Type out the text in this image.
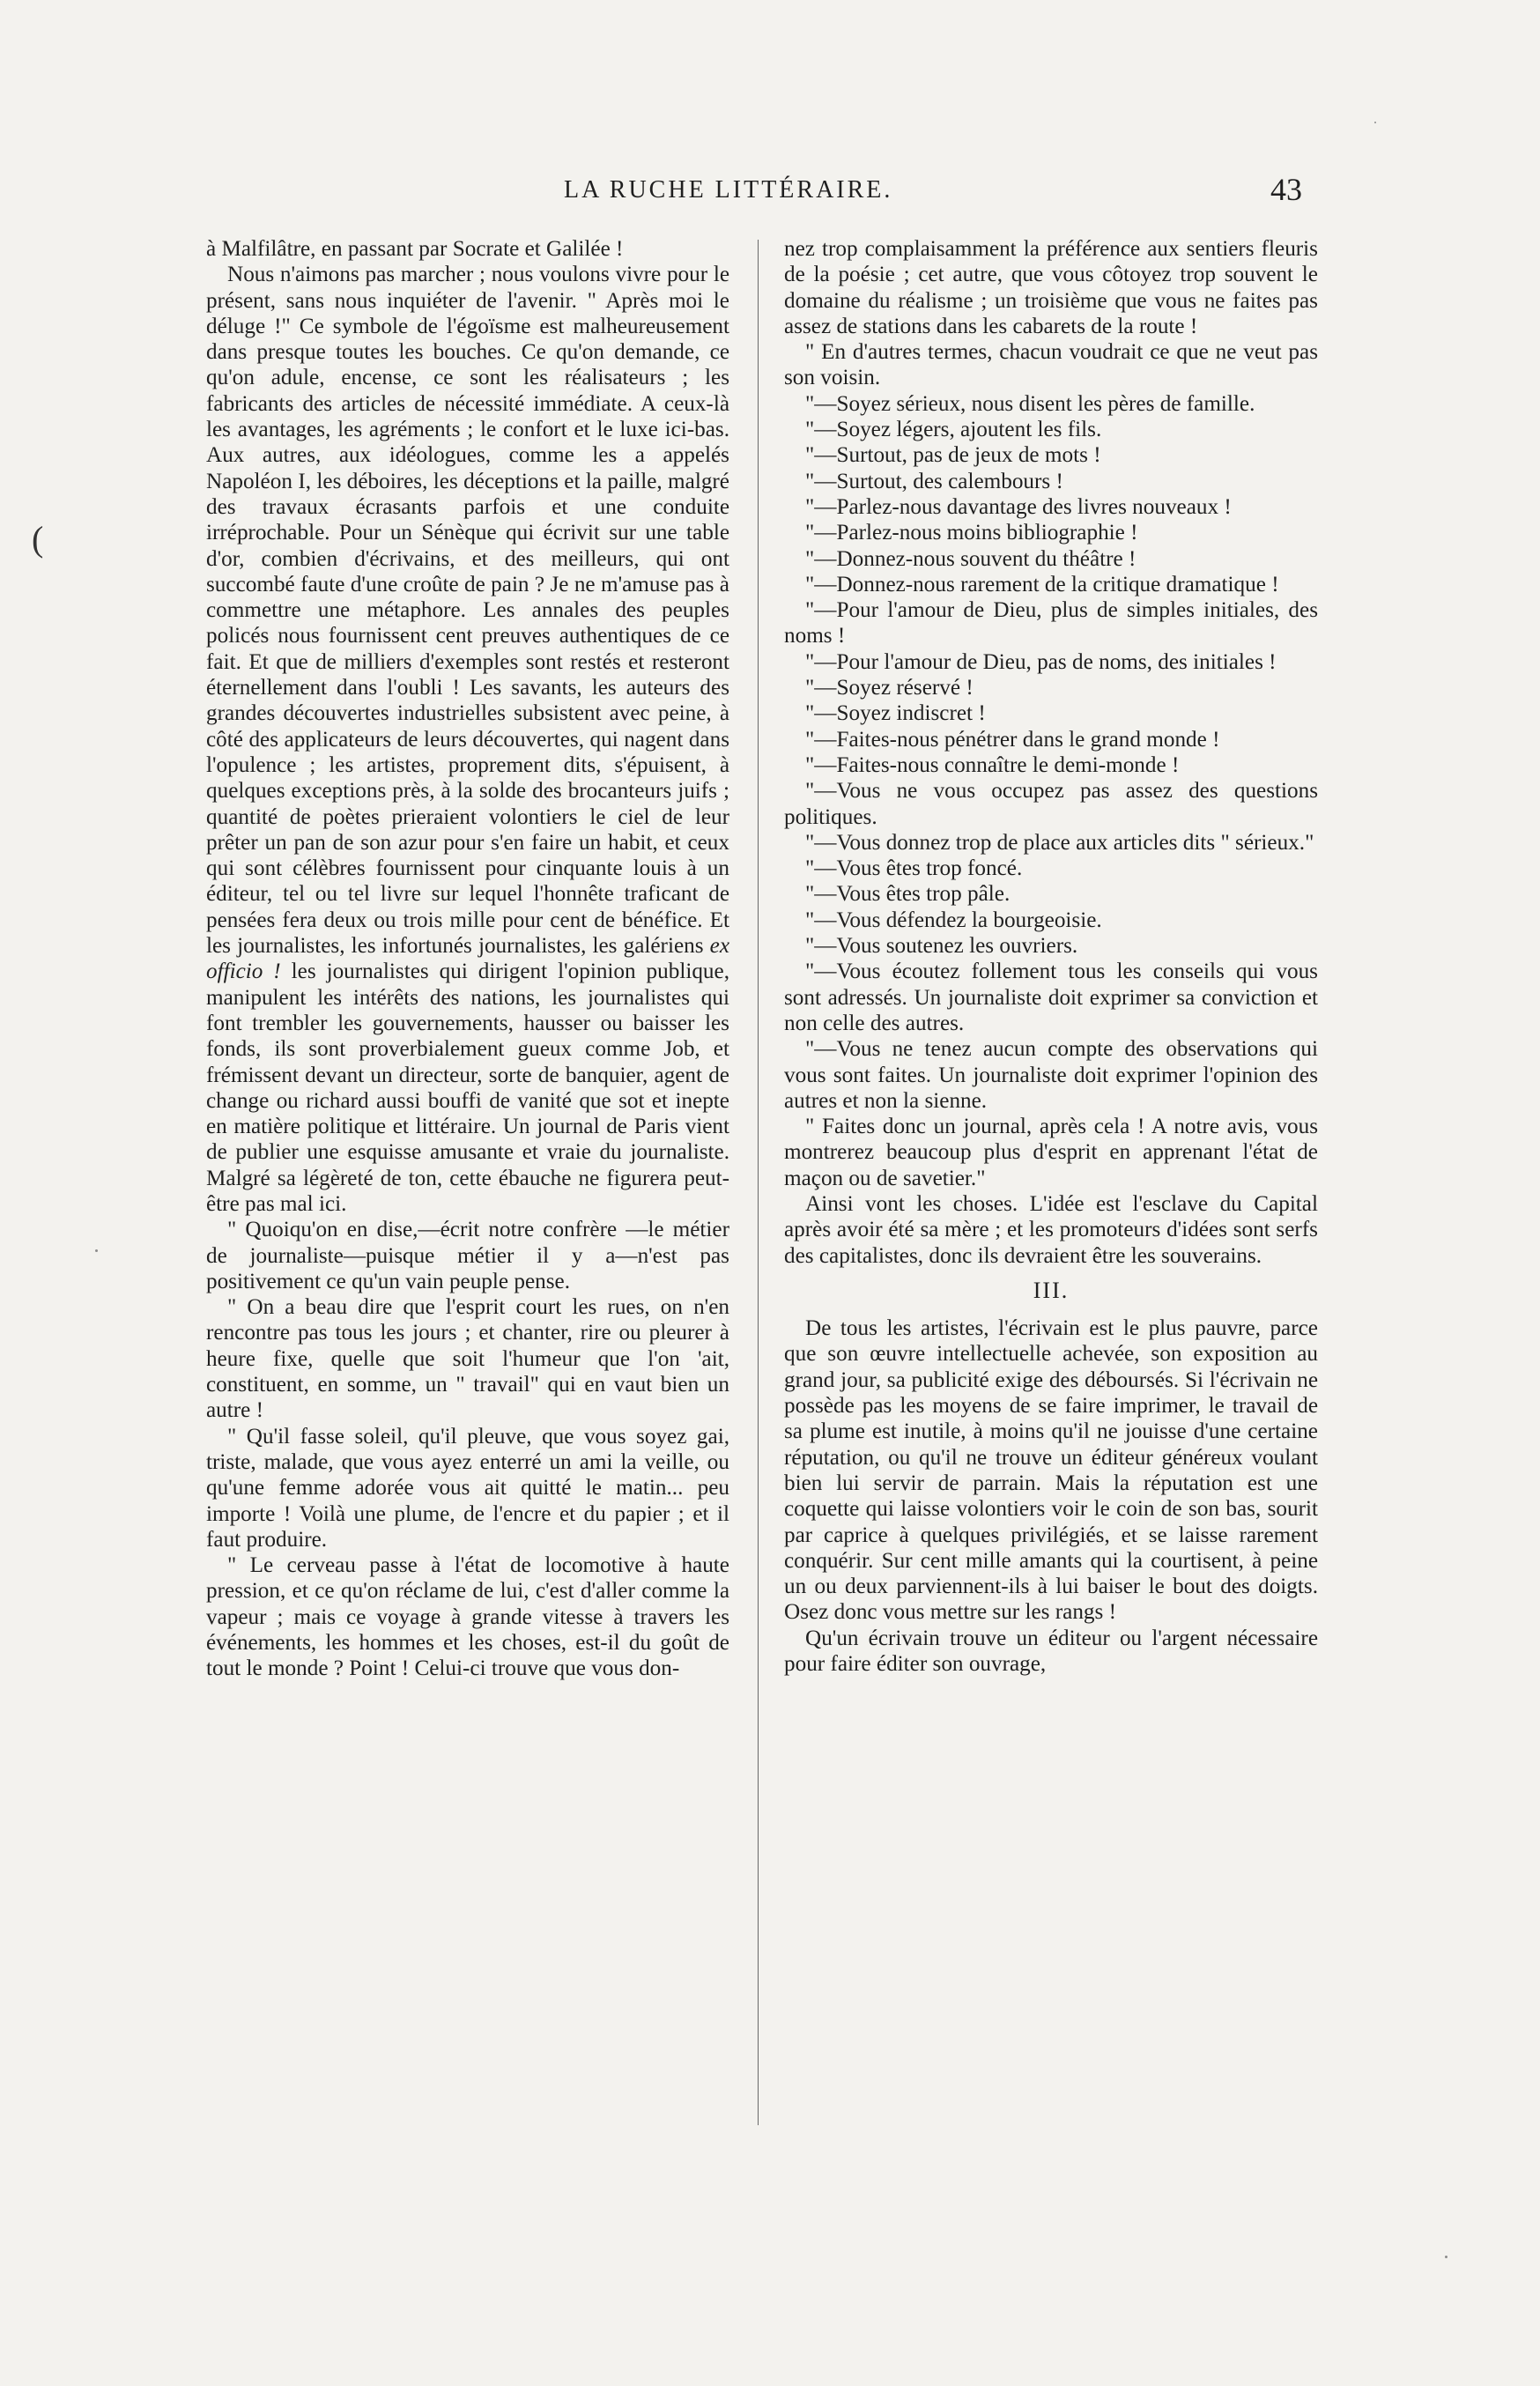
LA RUCHE LITTÉRAIRE.	43
(

à Malfilâtre, en passant par Socrate et Galilée !

Nous n'aimons pas marcher ; nous voulons vivre pour le présent, sans nous inquiéter de l'avenir. " Après moi le déluge !" Ce symbole de l'égoïsme est malheureusement dans presque toutes les bouches. Ce qu'on demande, ce qu'on adule, encense, ce sont les réalisateurs ; les fabricants des articles de nécessité immédiate. A ceux-là les avantages, les agréments ; le confort et le luxe ici-bas. Aux autres, aux idéologues, comme les a appelés Napoléon I, les déboires, les déceptions et la paille, malgré des travaux écrasants parfois et une conduite irréprochable. Pour un Sénèque qui écrivit sur une table d'or, combien d'écrivains, et des meilleurs, qui ont succombé faute d'une croûte de pain ? Je ne m'amuse pas à commettre une métaphore. Les annales des peuples policés nous fournissent cent preuves authentiques de ce fait. Et que de milliers d'exemples sont restés et resteront éternellement dans l'oubli ! Les savants, les auteurs des grandes découvertes industrielles subsistent avec peine, à côté des applicateurs de leurs découvertes, qui nagent dans l'opulence ; les artistes, proprement dits, s'épuisent, à quelques exceptions près, à la solde des brocanteurs juifs ; quantité de poètes prieraient volontiers le ciel de leur prêter un pan de son azur pour s'en faire un habit, et ceux qui sont célèbres fournissent pour cinquante louis à un éditeur, tel ou tel livre sur lequel l'honnête traficant de pensées fera deux ou trois mille pour cent de bénéfice. Et les journalistes, les infortunés journalistes, les galériens ex officio ! les journalistes qui dirigent l'opinion publique, manipulent les intérêts des nations, les journalistes qui font trembler les gouvernements, hausser ou baisser les fonds, ils sont proverbialement gueux comme Job, et frémissent devant un directeur, sorte de banquier, agent de change ou richard aussi bouffi de vanité que sot et inepte en matière politique et littéraire. Un journal de Paris vient de publier une esquisse amusante et vraie du journaliste. Malgré sa légèreté de ton, cette ébauche ne figurera peut-être pas mal ici.

" Quoiqu'on en dise,—écrit notre confrère —le métier de journaliste—puisque métier il y a—n'est pas positivement ce qu'un vain peuple pense.

" On a beau dire que l'esprit court les rues, on n'en rencontre pas tous les jours ; et chanter, rire ou pleurer à heure fixe, quelle que soit l'humeur que l'on 'ait, constituent, en somme, un " travail" qui en vaut bien un autre !

" Qu'il fasse soleil, qu'il pleuve, que vous soyez gai, triste, malade, que vous ayez enterré un ami la veille, ou qu'une femme adorée vous ait quitté le matin... peu importe ! Voilà une plume, de l'encre et du papier ; et il faut produire.

" Le cerveau passe à l'état de locomotive à haute pression, et ce qu'on réclame de lui, c'est d'aller comme la vapeur ; mais ce voyage à grande vitesse à travers les événements, les hommes et les choses, est-il du goût de tout le monde ? Point ! Celui-ci trouve que vous don-

nez trop complaisamment la préférence aux sentiers fleuris de la poésie ; cet autre, que vous côtoyez trop souvent le domaine du réalisme ; un troisième que vous ne faites pas assez de stations dans les cabarets de la route !

" En d'autres termes, chacun voudrait ce que ne veut pas son voisin.

"—Soyez sérieux, nous disent les pères de famille.

"—Soyez légers, ajoutent les fils.

"—Surtout, pas de jeux de mots !

"—Surtout, des calembours !

"—Parlez-nous davantage des livres nouveaux !

"—Parlez-nous moins bibliographie !

"—Donnez-nous souvent du théâtre !

"—Donnez-nous rarement de la critique dramatique !

"—Pour l'amour de Dieu, plus de simples initiales, des noms !

"—Pour l'amour de Dieu, pas de noms, des initiales !

"—Soyez réservé !

"—Soyez indiscret !

"—Faites-nous pénétrer dans le grand monde !

"—Faites-nous connaître le demi-monde !

"—Vous ne vous occupez pas assez des questions politiques.

"—Vous donnez trop de place aux articles dits " sérieux."

"—Vous êtes trop foncé.

"—Vous êtes trop pâle.

"—Vous défendez la bourgeoisie.

"—Vous soutenez les ouvriers.

"—Vous écoutez follement tous les conseils qui vous sont adressés. Un journaliste doit exprimer sa conviction et non celle des autres.

"—Vous ne tenez aucun compte des observations qui vous sont faites. Un journaliste doit exprimer l'opinion des autres et non la sienne.

" Faites donc un journal, après cela ! A notre avis, vous montrerez beaucoup plus d'esprit en apprenant l'état de maçon ou de savetier."

Ainsi vont les choses. L'idée est l'esclave du Capital après avoir été sa mère ; et les promoteurs d'idées sont serfs des capitalistes, donc ils devraient être les souverains.

III.

De tous les artistes, l'écrivain est le plus pauvre, parce que son œuvre intellectuelle achevée, son exposition au grand jour, sa publicité exige des déboursés. Si l'écrivain ne possède pas les moyens de se faire imprimer, le travail de sa plume est inutile, à moins qu'il ne jouisse d'une certaine réputation, ou qu'il ne trouve un éditeur généreux voulant bien lui servir de parrain. Mais la réputation est une coquette qui laisse volontiers voir le coin de son bas, sourit par caprice à quelques privilégiés, et se laisse rarement conquérir. Sur cent mille amants qui la courtisent, à peine un ou deux parviennent-ils à lui baiser le bout des doigts. Osez donc vous mettre sur les rangs !

Qu'un écrivain trouve un éditeur ou l'argent nécessaire pour faire éditer son ouvrage,
